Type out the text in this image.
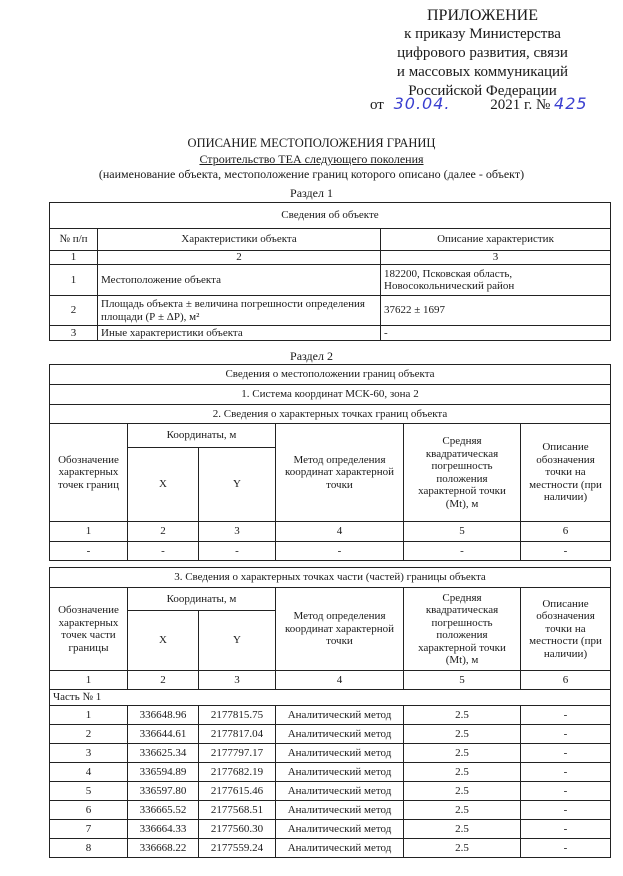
ПРИЛОЖЕНИЕ
к приказу Министерства
цифрового развития, связи
и массовых коммуникаций
Российской Федерации
от 30.04.	2021 г. № 425
ОПИСАНИЕ МЕСТОПОЛОЖЕНИЯ ГРАНИЦ
Строительство ТЕА следующего поколения
(наименование объекта, местоположение границ которого описано (далее - объект)
Раздел 1
Сведения об объекте		
№ п/п	Характеристики объекта	Описание характеристик
1	2	3
1	Местоположение объекта	182200, Псковская область,
Новосокольнический район

2	Площадь объекта ± величина погрешности определения площади (Р ± ΔР), м²	37622 ± 1697
3	Иные характеристики объекта	-
Раздел 2
Сведения о местоположении границ объекта					
1. Система координат МСК-60, зона 2					
2. Сведения о характерных точках границ объекта					
Обозначение характерных точек границ	Координаты, м		Метод определения координат характерной точки	Средняя квадратическая погрешность положения характерной точки (Mt), м	Описание обозначения точки на местности (при наличии)
	X	Y			
1	2	3	4	5	6
-	-	-	-	-	-
3. Сведения о характерных точках части (частей) границы объекта					
Обозначение характерных точек части границы	Координаты, м		Метод определения координат характерной точки	Средняя квадратическая погрешность положения характерной точки (Mt), м	Описание обозначения точки на местности (при наличии)
	X	Y			
1	2	3	4	5	6
Часть № 1					
1	336648.96	2177815.75	Аналитический метод	2.5	-
2	336644.61	2177817.04	Аналитический метод	2.5	-
3	336625.34	2177797.17	Аналитический метод	2.5	-
4	336594.89	2177682.19	Аналитический метод	2.5	-
5	336597.80	2177615.46	Аналитический метод	2.5	-
6	336665.52	2177568.51	Аналитический метод	2.5	-
7	336664.33	2177560.30	Аналитический метод	2.5	-
8	336668.22	2177559.24	Аналитический метод	2.5	-
